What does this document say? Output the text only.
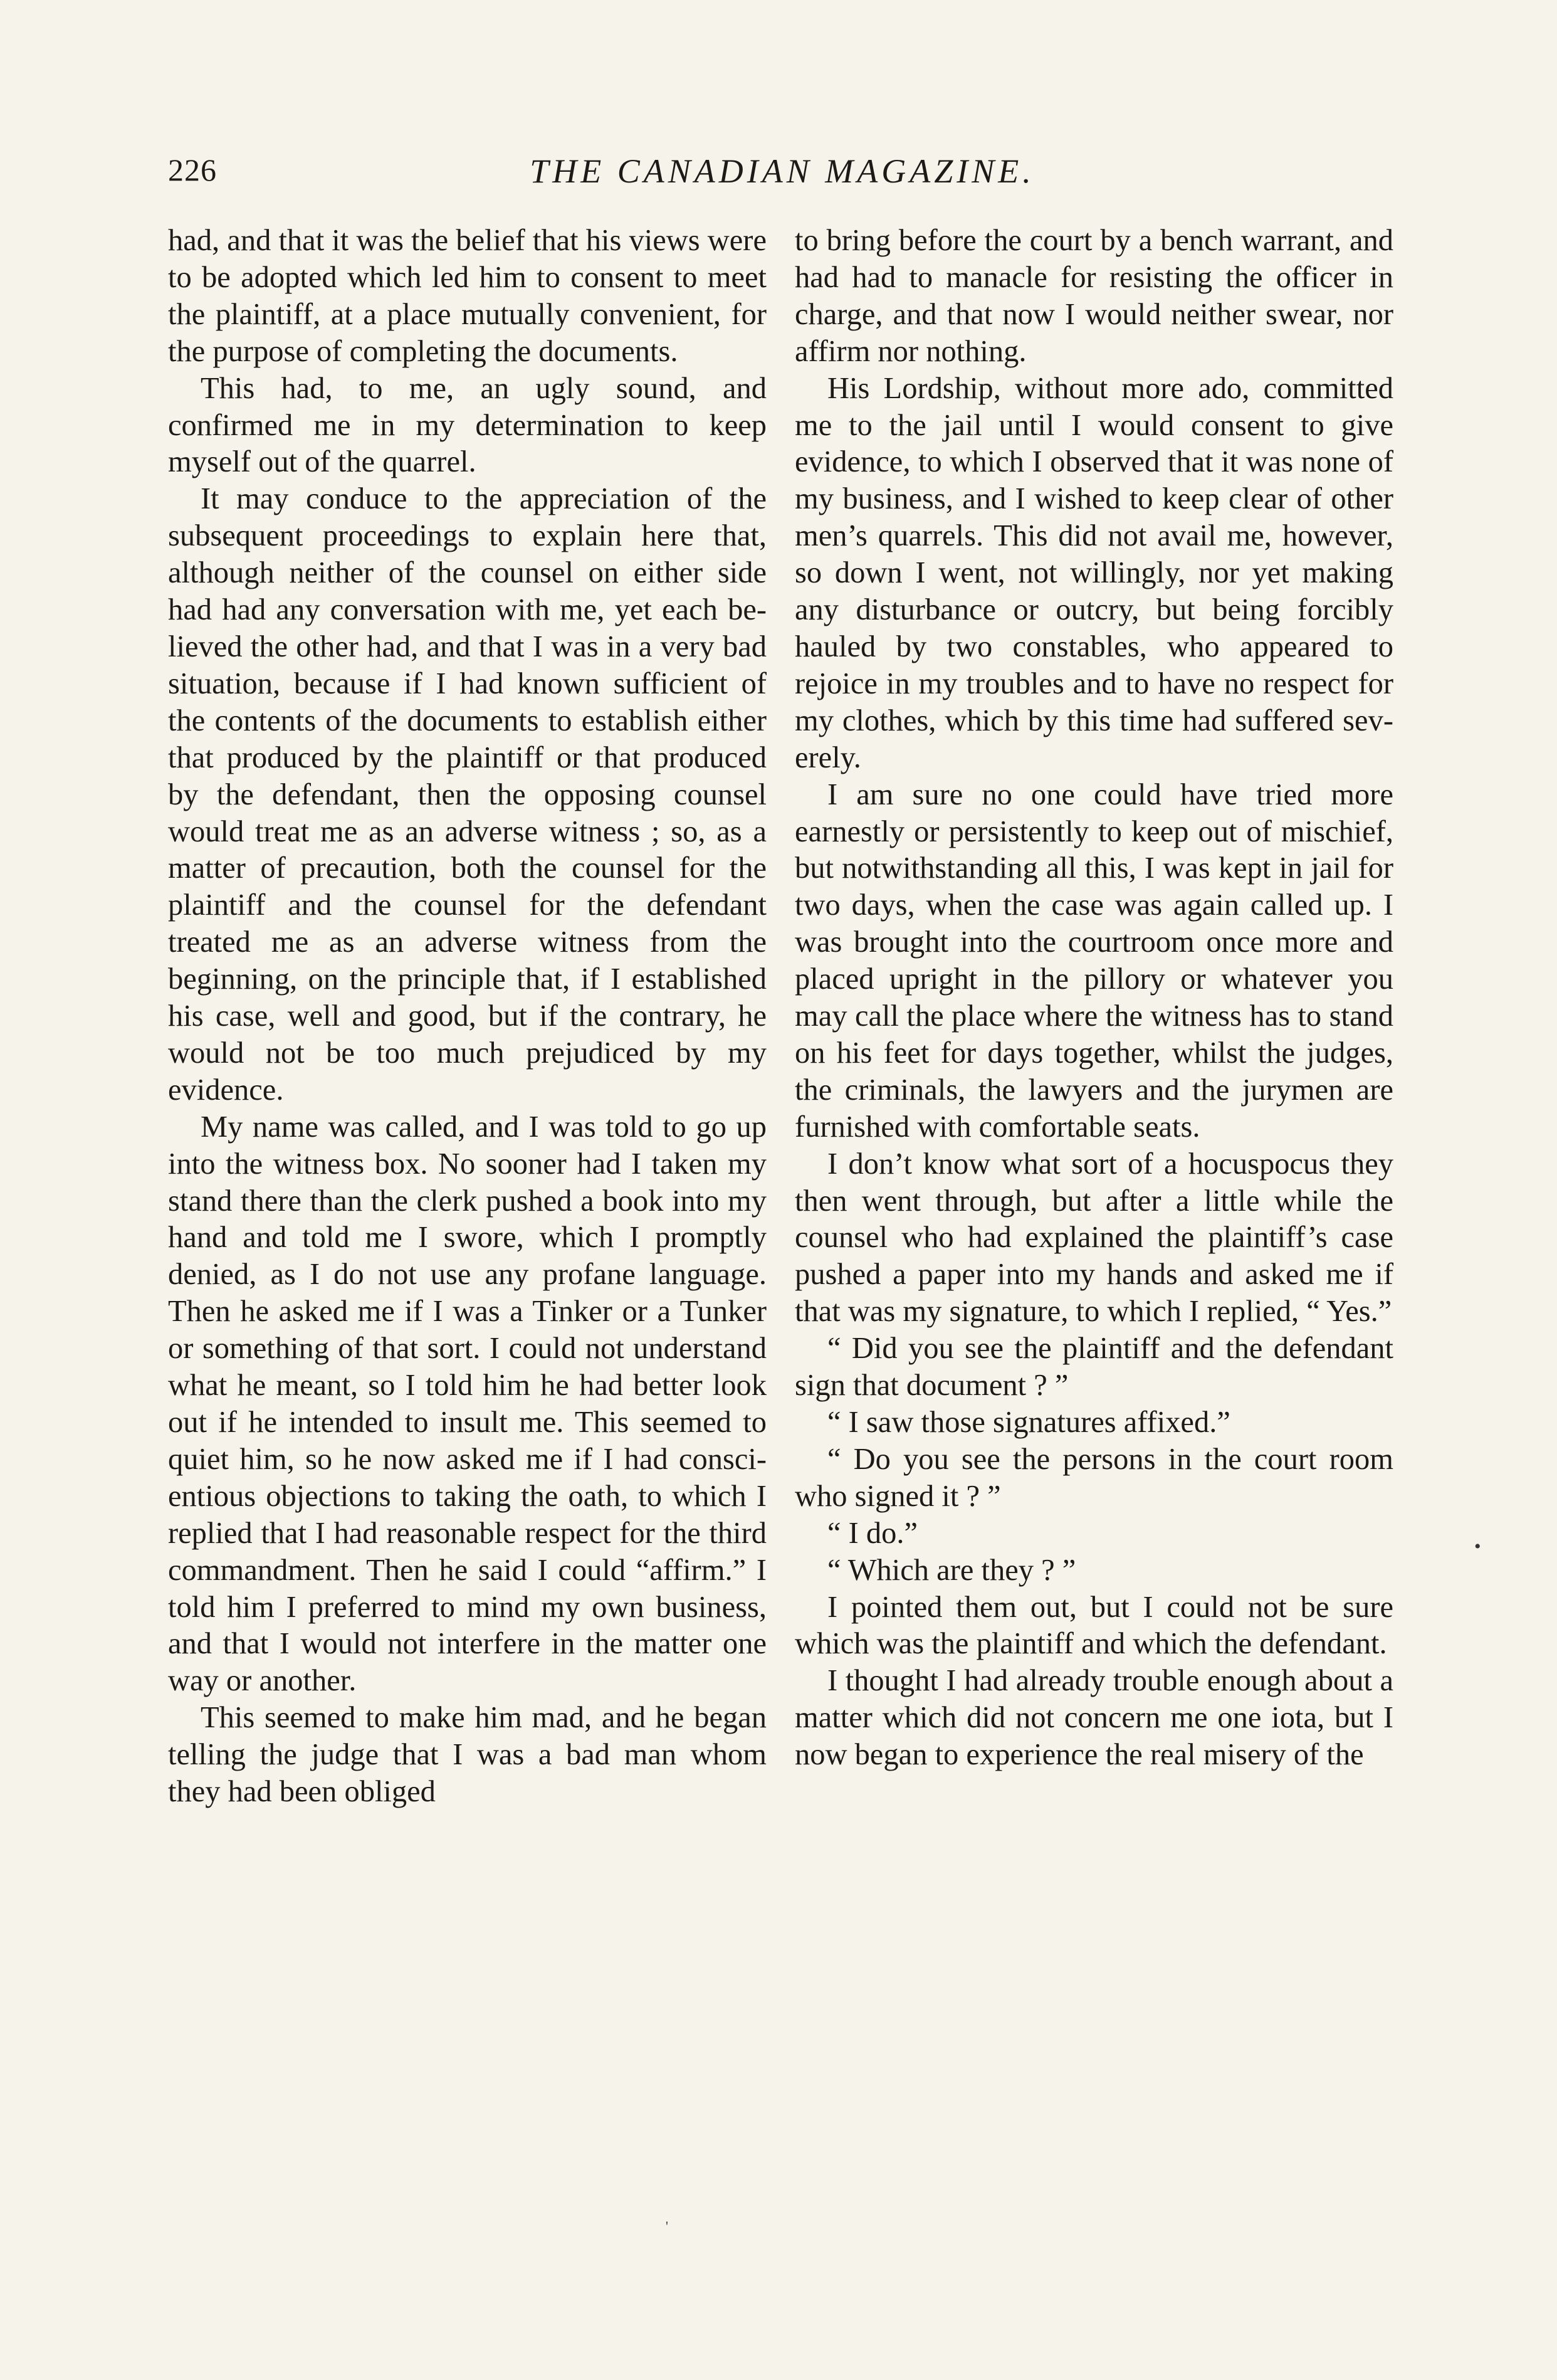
226	THE CANADIAN MAGAZINE.

had, and that it was the belief that his views were to be adopted which led him to consent to meet the plaintiff, at a place mutually convenient, for the purpose of completing the documents.

This had, to me, an ugly sound, and confirmed me in my determination to keep myself out of the quarrel.

It may conduce to the appreciation of the subsequent proceedings to explain here that, although neither of the counsel on either side had had any conversation with me, yet each believed the other had, and that I was in a very bad situation, because if I had known sufficient of the contents of the documents to establish either that produced by the plaintiff or that produced by the defendant, then the opposing counsel would treat me as an adverse witness ; so, as a matter of precaution, both the counsel for the plaintiff and the counsel for the defendant treated me as an adverse witness from the beginning, on the principle that, if I established his case, well and good, but if the contrary, he would not be too much prejudiced by my evidence.

My name was called, and I was told to go up into the witness box. No sooner had I taken my stand there than the clerk pushed a book into my hand and told me I swore, which I promptly denied, as I do not use any profane language. Then he asked me if I was a Tinker or a Tunker or something of that sort. I could not understand what he meant, so I told him he had better look out if he intended to insult me. This seemed to quiet him, so he now asked me if I had conscientious objections to taking the oath, to which I replied that I had reasonable respect for the third commandment. Then he said I could “affirm.” I told him I preferred to mind my own business, and that I would not interfere in the matter one way or another.

This seemed to make him mad, and he began telling the judge that I was a bad man whom they had been obliged

to bring before the court by a bench warrant, and had had to manacle for resisting the officer in charge, and that now I would neither swear, nor affirm nor nothing.

His Lordship, without more ado, committed me to the jail until I would consent to give evidence, to which I observed that it was none of my business, and I wished to keep clear of other men’s quarrels. This did not avail me, however, so down I went, not willingly, nor yet making any disturbance or outcry, but being forcibly hauled by two constables, who appeared to rejoice in my troubles and to have no respect for my clothes, which by this time had suffered severely.

I am sure no one could have tried more earnestly or persistently to keep out of mischief, but notwithstanding all this, I was kept in jail for two days, when the case was again called up. I was brought into the courtroom once more and placed upright in the pillory or whatever you may call the place where the witness has to stand on his feet for days together, whilst the judges, the criminals, the lawyers and the jurymen are furnished with comfortable seats.

I don’t know what sort of a hocuspocus they then went through, but after a little while the counsel who had explained the plaintiff’s case pushed a paper into my hands and asked me if that was my signature, to which I replied, “ Yes.”

“ Did you see the plaintiff and the defendant sign that document ? ”

“ I saw those signatures affixed.”

“ Do you see the persons in the court room who signed it ? ”

“ I do.”

“ Which are they ? ”

I pointed them out, but I could not be sure which was the plaintiff and which the defendant.

I thought I had already trouble enough about a matter which did not concern me one iota, but I now began to experience the real misery of the

•
'
